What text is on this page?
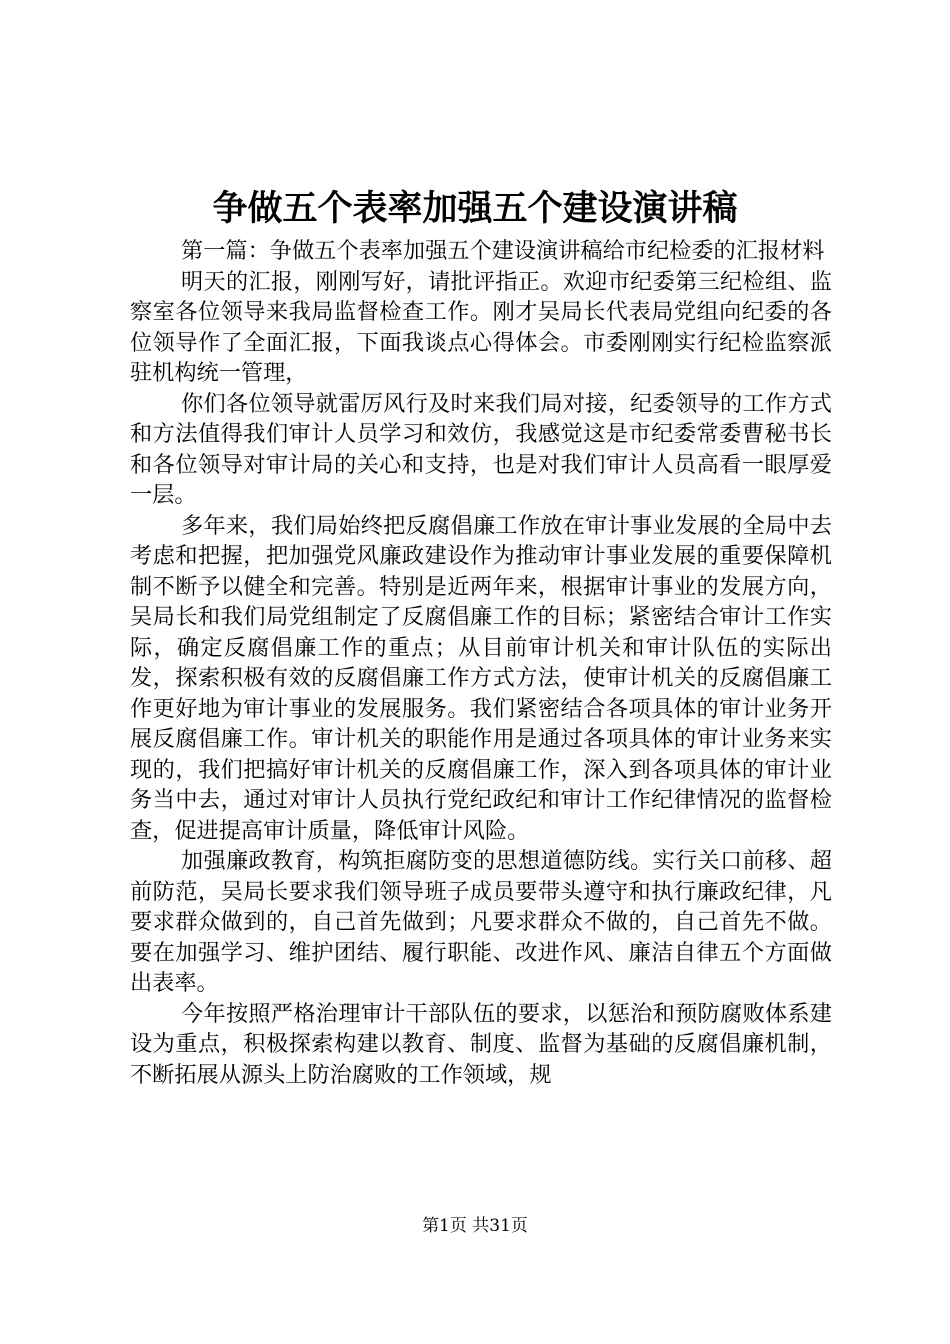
争做五个表率加强五个建设演讲稿

第一篇：争做五个表率加强五个建设演讲稿给市纪检委的汇报材料

明天的汇报，刚刚写好，请批评指正。欢迎市纪委第三纪检组、监察室各位领导来我局监督检查工作。刚才吴局长代表局党组向纪委的各位领导作了全面汇报，下面我谈点心得体会。市委刚刚实行纪检监察派驻机构统一管理，

你们各位领导就雷厉风行及时来我们局对接，纪委领导的工作方式和方法值得我们审计人员学习和效仿，我感觉这是市纪委常委曹秘书长和各位领导对审计局的关心和支持，也是对我们审计人员高看一眼厚爱一层。

多年来，我们局始终把反腐倡廉工作放在审计事业发展的全局中去考虑和把握，把加强党风廉政建设作为推动审计事业发展的重要保障机制不断予以健全和完善。特别是近两年来，根据审计事业的发展方向，吴局长和我们局党组制定了反腐倡廉工作的目标；紧密结合审计工作实际，确定反腐倡廉工作的重点；从目前审计机关和审计队伍的实际出发，探索积极有效的反腐倡廉工作方式方法，使审计机关的反腐倡廉工作更好地为审计事业的发展服务。我们紧密结合各项具体的审计业务开展反腐倡廉工作。审计机关的职能作用是通过各项具体的审计业务来实现的，我们把搞好审计机关的反腐倡廉工作，深入到各项具体的审计业务当中去，通过对审计人员执行党纪政纪和审计工作纪律情况的监督检查，促进提高审计质量，降低审计风险。

加强廉政教育，构筑拒腐防变的思想道德防线。实行关口前移、超前防范，吴局长要求我们领导班子成员要带头遵守和执行廉政纪律，凡要求群众做到的，自己首先做到；凡要求群众不做的，自己首先不做。要在加强学习、维护团结、履行职能、改进作风、廉洁自律五个方面做出表率。

今年按照严格治理审计干部队伍的要求，以惩治和预防腐败体系建设为重点，积极探索构建以教育、制度、监督为基础的反腐倡廉机制，不断拓展从源头上防治腐败的工作领域，规

第1页 共31页
